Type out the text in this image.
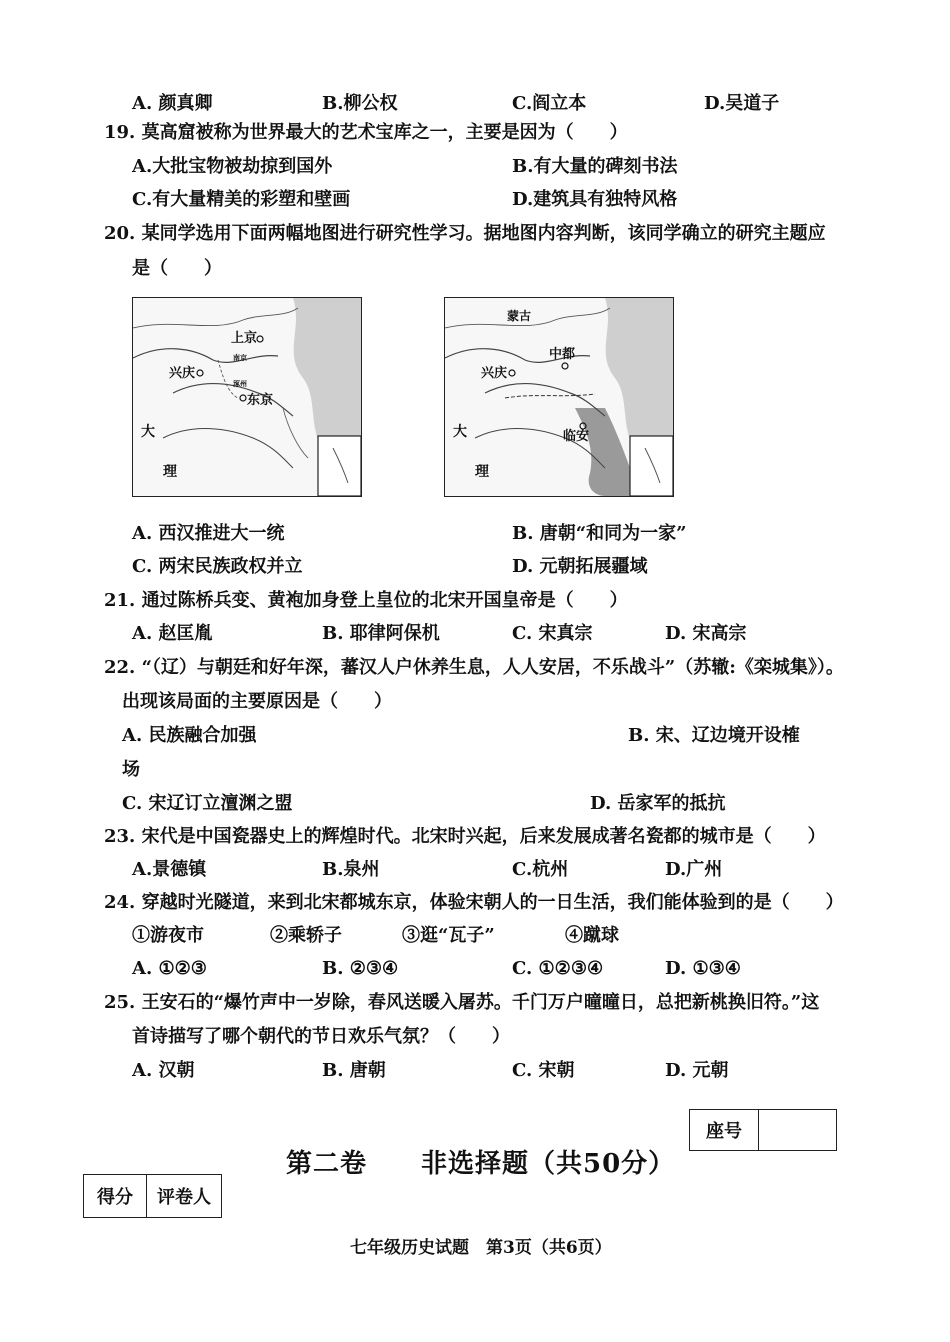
A. 颜真卿	B.柳公权	C.阎立本	D.吴道子
19. 莫高窟被称为世界最大的艺术宝库之一，主要是因为（　　）
A.大批宝物被劫掠到国外	B.有大量的碑刻书法
C.有大量精美的彩塑和壁画	D.建筑具有独特风格
20. 某同学选用下面两幅地图进行研究性学习。据地图内容判断，该同学确立的研究主题应
是（　　）
上京
兴庆
东京
南京
涿州
大
理
蒙古
中都
兴庆
临安
大
理
A. 西汉推进大一统	B. 唐朝“和同为一家”
C. 两宋民族政权并立	D. 元朝拓展疆域
21. 通过陈桥兵变、黄袍加身登上皇位的北宋开国皇帝是（　　）
A. 赵匡胤	B. 耶律阿保机	C. 宋真宗	D. 宋高宗
22. “（辽）与朝廷和好年深，蕃汉人户休养生息，人人安居，不乐战斗”（苏辙:《栾城集》）。
出现该局面的主要原因是（　　）
A. 民族融合加强	B. 宋、辽边境开设榷
场
C. 宋辽订立澶渊之盟	D. 岳家军的抵抗
23. 宋代是中国瓷器史上的辉煌时代。北宋时兴起，后来发展成著名瓷都的城市是（　　）
A.景德镇	B.泉州	C.杭州	D.广州
24. 穿越时光隧道，来到北宋都城东京，体验宋朝人的一日生活，我们能体验到的是（　　）
①游夜市	②乘轿子	③逛“瓦子”	④蹴球
A. ①②③	B. ②③④	C. ①②③④	D. ①③④
25. 王安石的“爆竹声中一岁除，春风送暖入屠苏。千门万户曈曈日，总把新桃换旧符。”这
首诗描写了哪个朝代的节日欢乐气氛？（　　）
A. 汉朝	B. 唐朝	C. 宋朝	D. 元朝
座号
第二卷　　非选择题（共50分）
得分	评卷人
七年级历史试题　第3页（共6页）
